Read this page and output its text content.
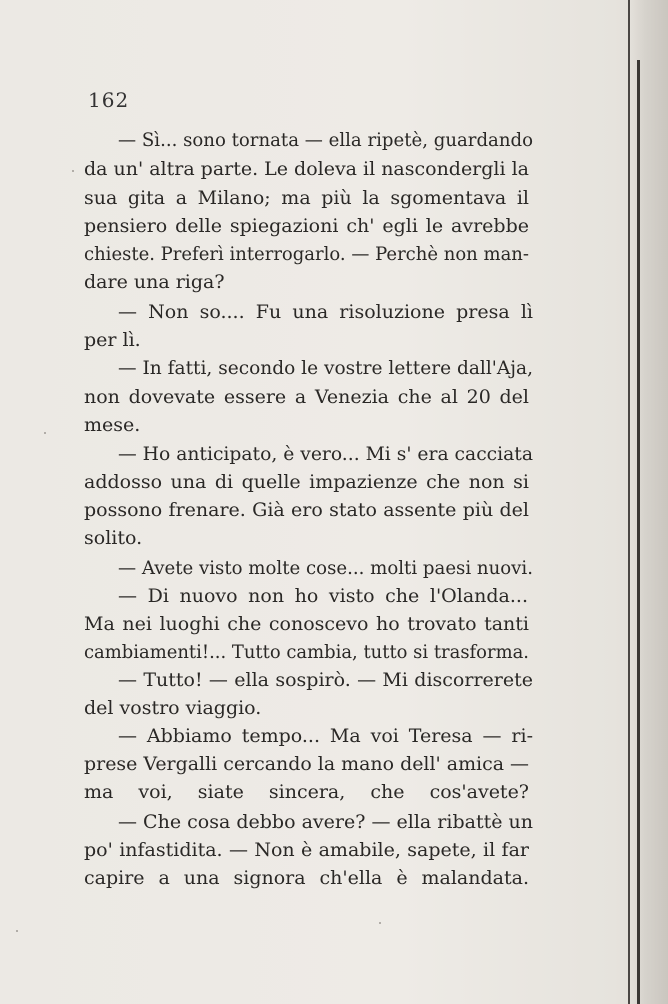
162
— Sì... sono tornata — ella ripetè, guardando
da un' altra parte. Le doleva il nascondergli la
sua gita a Milano; ma più la sgomentava il
pensiero delle spiegazioni ch' egli le avrebbe
chieste. Preferì interrogarlo. — Perchè non man-
dare una riga?
— Non so.... Fu una risoluzione presa lì
per lì.
— In fatti, secondo le vostre lettere dall'Aja,
non dovevate essere a Venezia che al 20 del
mese.
— Ho anticipato, è vero... Mi s' era cacciata
addosso una di quelle impazienze che non si
possono frenare. Già ero stato assente più del
solito.
— Avete visto molte cose... molti paesi nuovi.
— Di nuovo non ho visto che l'Olanda...
Ma nei luoghi che conoscevo ho trovato tanti
cambiamenti!... Tutto cambia, tutto si trasforma.
— Tutto! — ella sospirò. — Mi discorrerete
del vostro viaggio.
— Abbiamo tempo... Ma voi Teresa — ri-
prese Vergalli cercando la mano dell' amica —
ma voi, siate sincera, che cos'avete?
— Che cosa debbo avere? — ella ribattè un
po' infastidita. — Non è amabile, sapete, il far
capire a una signora ch'ella è malandata.
